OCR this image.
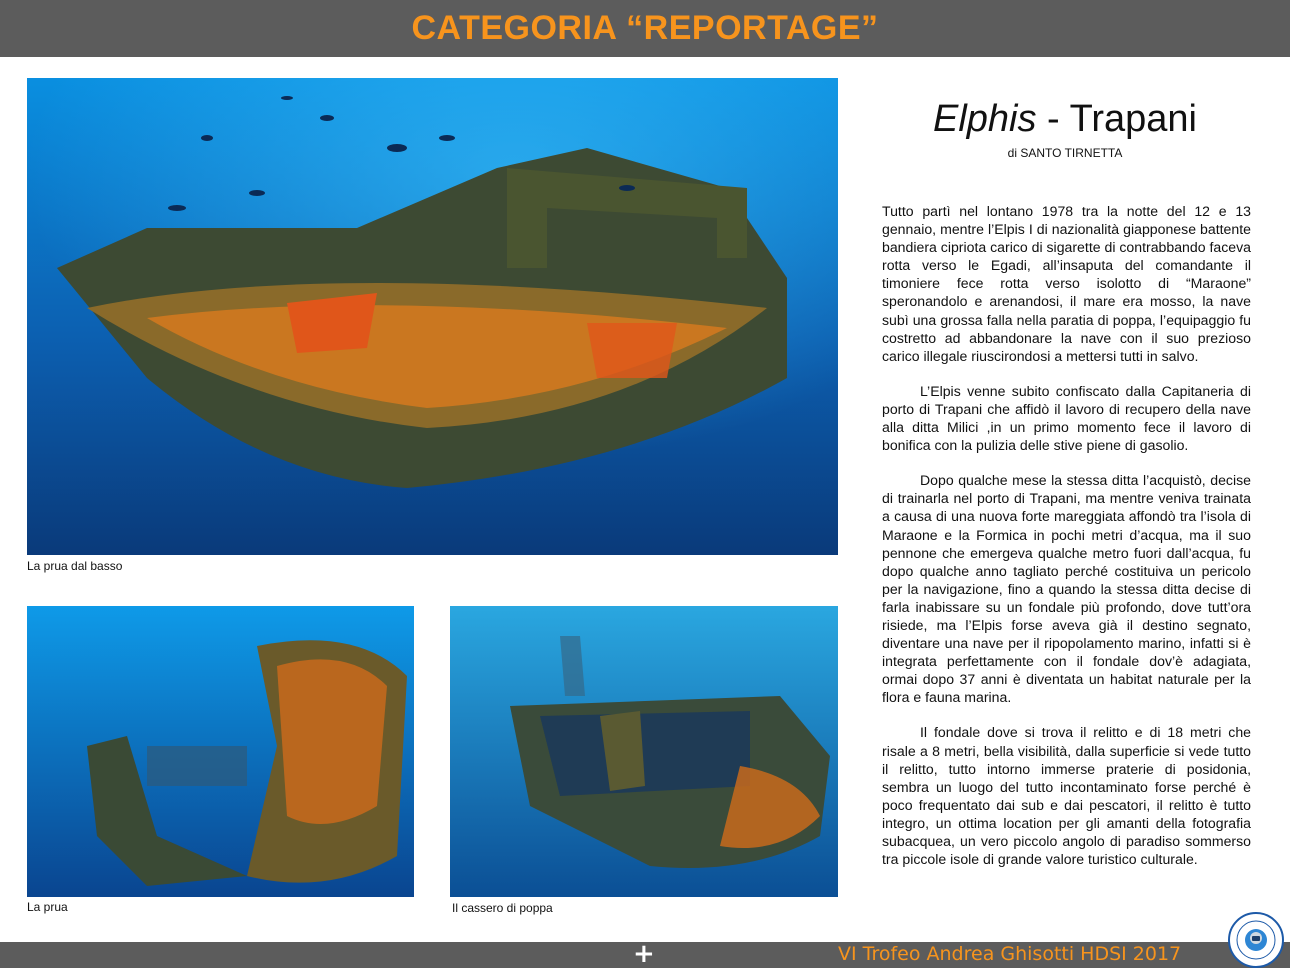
CATEGORIA “REPORTAGE”
La prua dal basso
La prua	Il cassero di poppa
Elphis - Trapani
di SANTO TIRNETTA

Tutto partì nel lontano 1978 tra la notte del 12 e 13 gennaio, mentre l’Elpis I di nazionalità giapponese battente bandiera cipriota carico di sigarette di contrabbando faceva rotta verso le Egadi, all’insaputa del comandante il timoniere fece rotta verso isolotto di “Maraone” speronandolo e arenandosi, il mare era mosso, la nave subì una grossa falla nella paratia di poppa, l’equipaggio fu costretto ad abbandonare la nave con il suo prezioso carico illegale riuscirondosi a mettersi tutti in salvo.

L’Elpis venne subito confiscato dalla Capitaneria di porto di Trapani che affidò il lavoro di recupero della nave alla ditta Milici ,in un primo momento fece il lavoro di bonifica con la pulizia delle stive piene di gasolio.

Dopo qualche mese la stessa ditta l’acquistò, decise di trainarla nel porto di Trapani, ma mentre veniva trainata a causa di una nuova forte mareggiata affondò tra l’isola di Maraone e la Formica in pochi metri d’acqua, ma il suo pennone che emergeva qualche metro fuori dall’acqua, fu dopo qualche anno tagliato perché costituiva un pericolo per la navigazione, fino a quando la stessa ditta decise di farla inabissare su un fondale più profondo, dove tutt’ora risiede, ma l’Elpis forse aveva già il destino segnato, diventare una nave per il ripopolamento marino, infatti si è integrata perfettamente con il fondale dov’è adagiata, ormai dopo 37 anni è diventata un habitat naturale per la flora e fauna marina.

Il fondale dove si trova il relitto e di 18 metri che risale a 8 metri, bella visibilità, dalla superficie si vede tutto il relitto, tutto intorno immerse praterie di posidonia, sembra un luogo del tutto incontaminato forse perché è poco frequentato dai sub e dai pescatori, il relitto è tutto integro, un ottima location per gli amanti della fotografia subacquea, un vero piccolo angolo di paradiso sommerso tra piccole isole di grande valore turistico culturale.

+	VI Trofeo Andrea Ghisotti HDSI 2017
